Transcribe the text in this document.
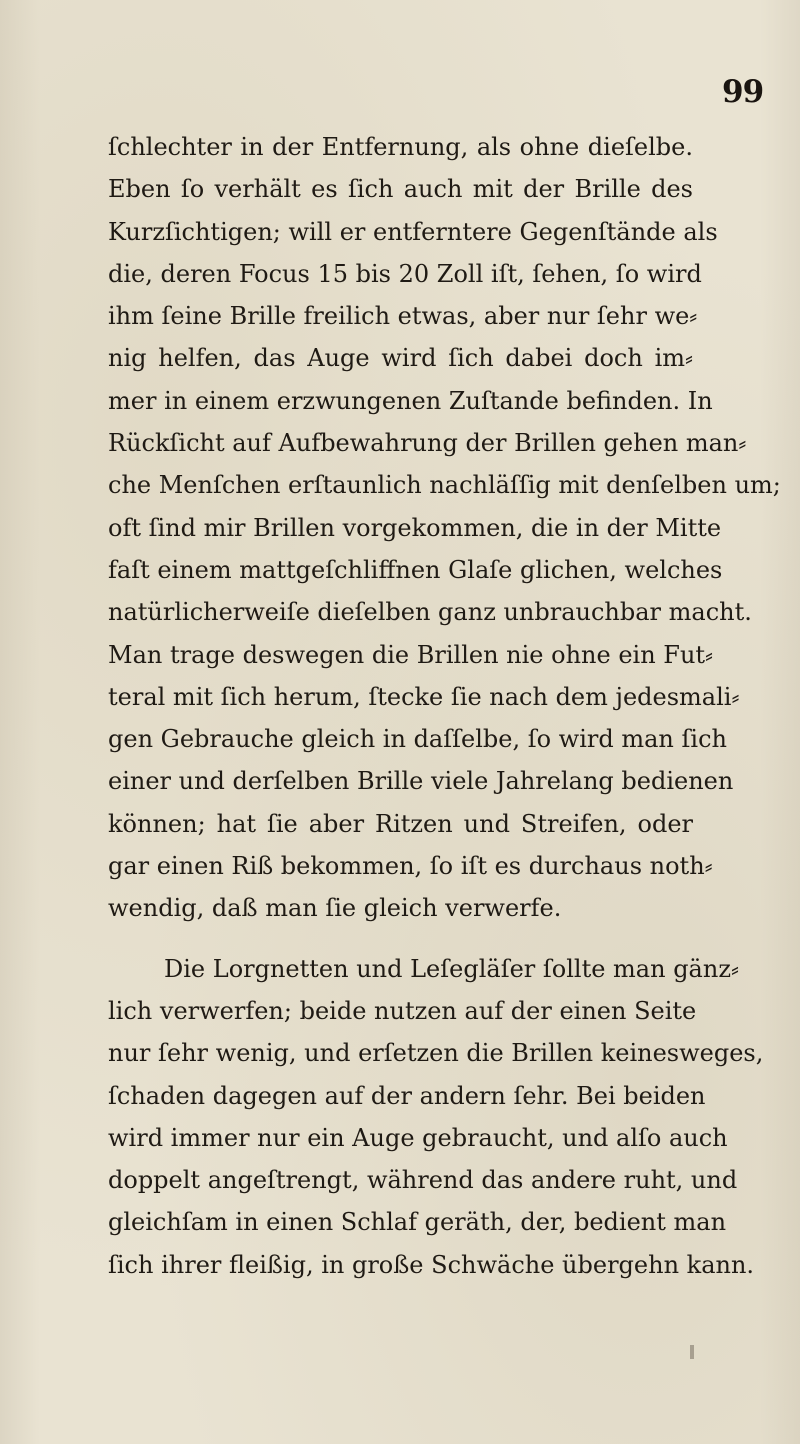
99
ſchlechter in der Entfernung, als ohne dieſelbe.
Eben ſo verhält es ſich auch mit der Brille des
Kurzſichtigen; will er entferntere Gegenſtände als
die, deren Focus 15 bis 20 Zoll iſt, ſehen, ſo wird
ihm ſeine Brille freilich etwas, aber nur ſehr we⸗
nig helfen, das Auge wird ſich dabei doch im⸗
mer in einem erzwungenen Zuſtande befinden. In
Rückſicht auf Aufbewahrung der Brillen gehen man⸗
che Menſchen erſtaunlich nachläſſig mit denſelben um;
oft ſind mir Brillen vorgekommen, die in der Mitte
faſt einem mattgeſchliffnen Glaſe glichen, welches
natürlicherweiſe dieſelben ganz unbrauchbar macht.
Man trage deswegen die Brillen nie ohne ein Fut⸗
teral mit ſich herum, ſtecke ſie nach dem jedesmali⸗
gen Gebrauche gleich in daſſelbe, ſo wird man ſich
einer und derſelben Brille viele Jahrelang bedienen
können; hat ſie aber Ritzen und Streifen, oder
gar einen Riß bekommen, ſo iſt es durchaus noth⸗
wendig, daß man ſie gleich verwerfe.
Die Lorgnetten und Leſegläſer ſollte man gänz⸗
lich verwerfen; beide nutzen auf der einen Seite
nur ſehr wenig, und erſetzen die Brillen keinesweges,
ſchaden dagegen auf der andern ſehr. Bei beiden
wird immer nur ein Auge gebraucht, und alſo auch
doppelt angeſtrengt, während das andere ruht, und
gleichſam in einen Schlaf geräth, der, bedient man
ſich ihrer fleißig, in große Schwäche übergehn kann.
